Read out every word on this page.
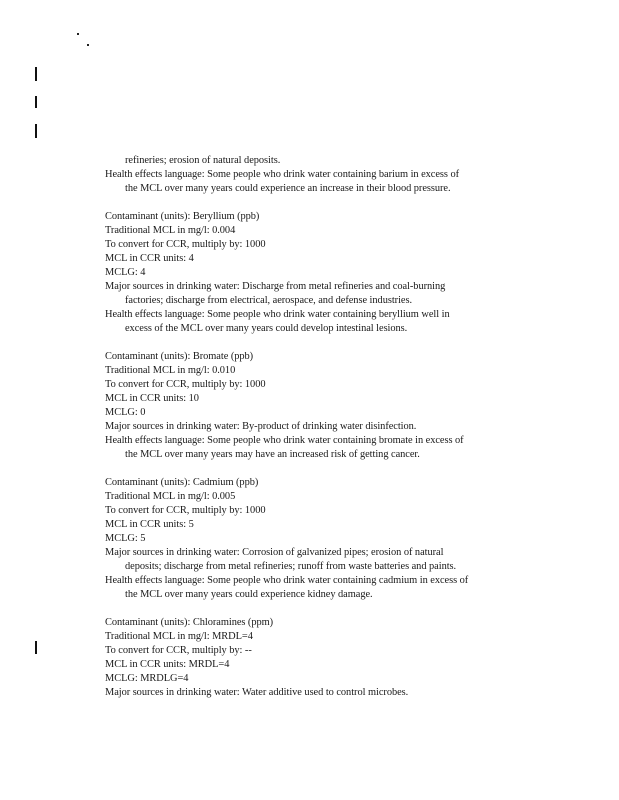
refineries; erosion of natural deposits.
Health effects language: Some people who drink water containing barium in excess of
the MCL over many years could experience an increase in their blood pressure.
Contaminant (units): Beryllium (ppb)
Traditional MCL in mg/l: 0.004
To convert for CCR, multiply by: 1000
MCL in CCR units: 4
MCLG: 4
Major sources in drinking water: Discharge from metal refineries and coal-burning
factories; discharge from electrical, aerospace, and defense industries.
Health effects language: Some people who drink water containing beryllium well in
excess of the MCL over many years could develop intestinal lesions.
Contaminant (units): Bromate (ppb)
Traditional MCL in mg/l: 0.010
To convert for CCR, multiply by: 1000
MCL in CCR units: 10
MCLG: 0
Major sources in drinking water: By-product of drinking water disinfection.
Health effects language: Some people who drink water containing bromate in excess of
the MCL over many years may have an increased risk of getting cancer.
Contaminant (units): Cadmium (ppb)
Traditional MCL in mg/l: 0.005
To convert for CCR, multiply by: 1000
MCL in CCR units: 5
MCLG: 5
Major sources in drinking water: Corrosion of galvanized pipes; erosion of natural
deposits; discharge from metal refineries; runoff from waste batteries and paints.
Health effects language: Some people who drink water containing cadmium in excess of
the MCL over many years could experience kidney damage.
Contaminant (units): Chloramines (ppm)
Traditional MCL in mg/l: MRDL=4
To convert for CCR, multiply by: --
MCL in CCR units: MRDL=4
MCLG: MRDLG=4
Major sources in drinking water: Water additive used to control microbes.
